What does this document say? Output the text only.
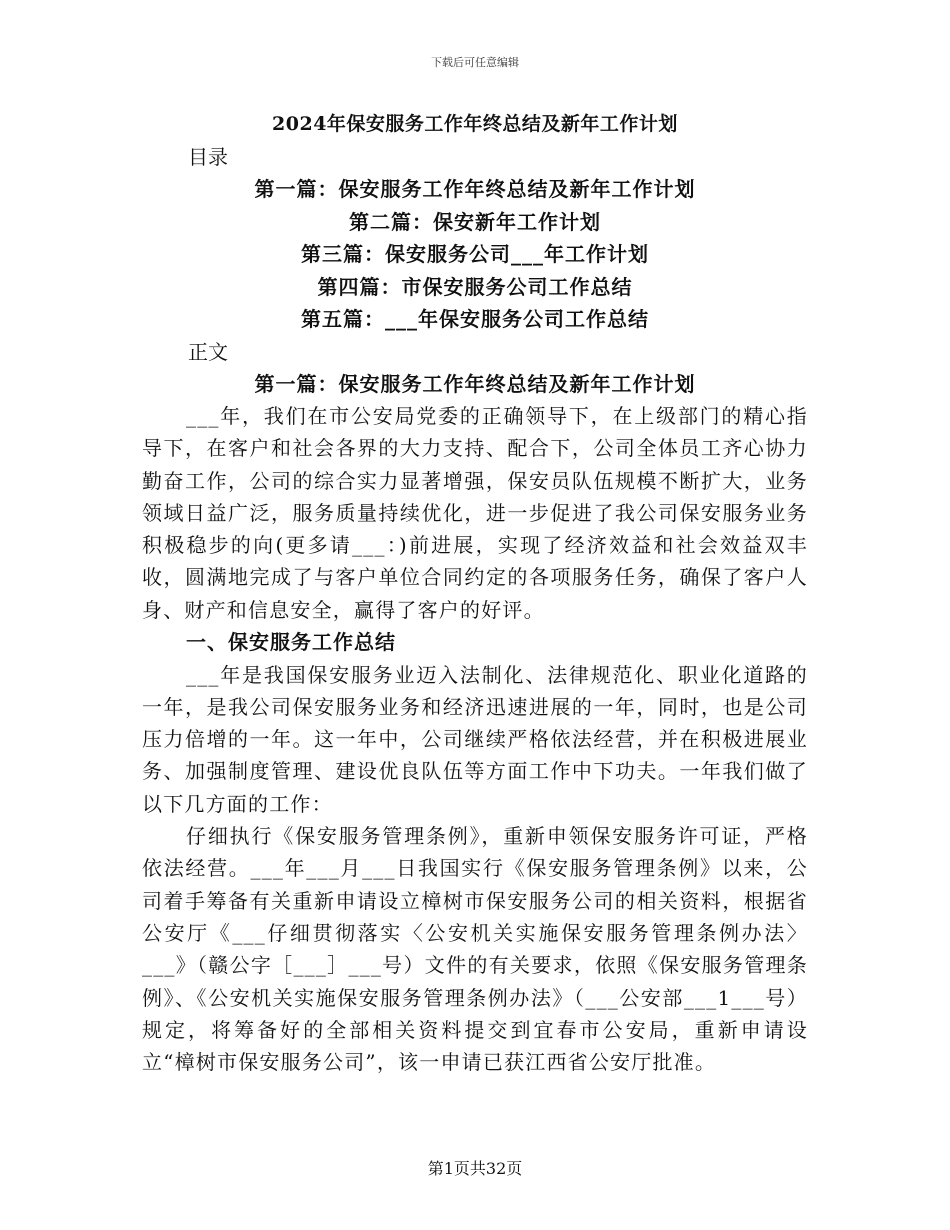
下载后可任意编辑
2024年保安服务工作年终总结及新年工作计划
目录
第一篇：保安服务工作年终总结及新年工作计划
第二篇：保安新年工作计划
第三篇：保安服务公司___年工作计划
第四篇：市保安服务公司工作总结
第五篇：___年保安服务公司工作总结
正文
第一篇：保安服务工作年终总结及新年工作计划

___年，我们在市公安局党委的正确领导下，在上级部门的精心指导下，在客户和社会各界的大力支持、配合下，公司全体员工齐心协力勤奋工作，公司的综合实力显著增强，保安员队伍规模不断扩大，业务领域日益广泛，服务质量持续优化，进一步促进了我公司保安服务业务积极稳步的向(更多请___：)前进展，实现了经济效益和社会效益双丰收，圆满地完成了与客户单位合同约定的各项服务任务，确保了客户人身、财产和信息安全，赢得了客户的好评。

一、保安服务工作总结

___年是我国保安服务业迈入法制化、法律规范化、职业化道路的一年，是我公司保安服务业务和经济迅速进展的一年，同时，也是公司压力倍增的一年。这一年中，公司继续严格依法经营，并在积极进展业务、加强制度管理、建设优良队伍等方面工作中下功夫。一年我们做了以下几方面的工作：

仔细执行《保安服务管理条例》，重新申领保安服务许可证，严格依法经营。___年___月___日我国实行《保安服务管理条例》以来，公司着手筹备有关重新申请设立樟树市保安服务公司的相关资料，根据省公安厅《___仔细贯彻落实〈公安机关实施保安服务管理条例办法〉___》（赣公字［___］___号）文件的有关要求，依照《保安服务管理条例》、《公安机关实施保安服务管理条例办法》（___公安部___1___号）规定，将筹备好的全部相关资料提交到宜春市公安局，重新申请设立“樟树市保安服务公司”，该一申请已获江西省公安厅批准。

第1页共32页
